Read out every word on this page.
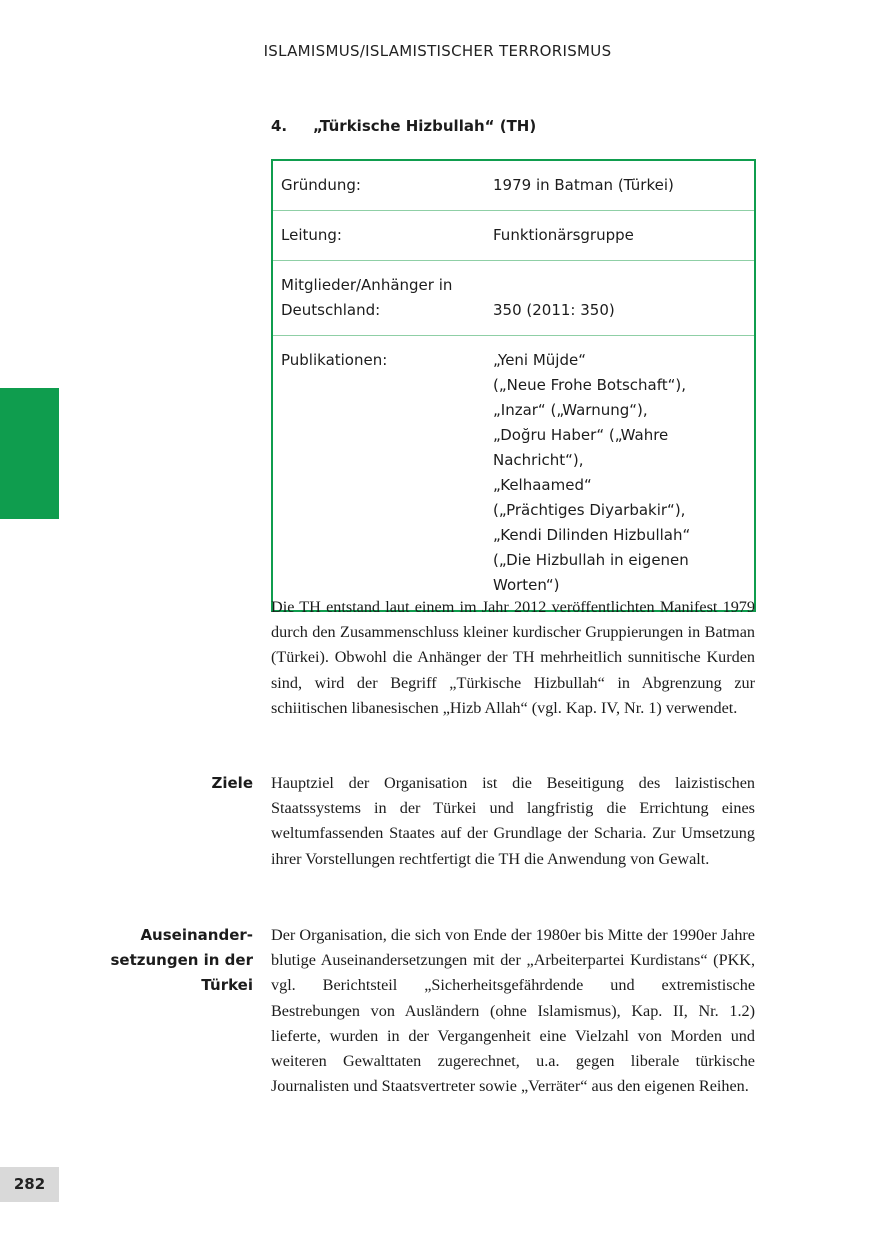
ISLAMISMUS/ISLAMISTISCHER TERRORISMUS
282
4. „Türkische Hizbullah“ (TH)
Gründung:	1979 in Batman (Türkei)
Leitung:	Funktionärsgruppe
Mitglieder/Anhänger in Deutschland:	350 (2011: 350)
Publikationen:	„Yeni Müjde“
(„Neue Frohe Botschaft“),
„Inzar“ („Warnung“),
„Doğru Haber“ („Wahre Nachricht“),
„Kelhaamed“
(„Prächtiges Diyarbakir“),
„Kendi Dilinden Hizbullah“
(„Die Hizbullah in eigenen Worten“)
Die TH entstand laut einem im Jahr 2012 veröffentlichten Manifest 1979 durch den Zusammenschluss kleiner kurdischer Gruppierungen in Batman (Türkei). Obwohl die Anhänger der TH mehrheitlich sunnitische Kurden sind, wird der Begriff „Türkische Hizbullah“ in Abgrenzung zur schiitischen libanesischen „Hizb Allah“ (vgl. Kap. IV, Nr. 1) verwendet.
Ziele Hauptziel der Organisation ist die Beseitigung des laizistischen Staatssystems in der Türkei und langfristig die Errichtung eines weltumfassenden Staates auf der Grundlage der Scharia. Zur Umsetzung ihrer Vorstellungen rechtfertigt die TH die Anwendung von Gewalt.
Auseinander-
setzungen in der
Türkei
Der Organisation, die sich von Ende der 1980er bis Mitte der 1990er Jahre blutige Auseinandersetzungen mit der „Arbeiterpartei Kurdistans“ (PKK, vgl. Berichtsteil „Sicherheitsgefährdende und extremistische Bestrebungen von Ausländern (ohne Islamismus), Kap. II, Nr. 1.2) lieferte, wurden in der Vergangenheit eine Vielzahl von Morden und weiteren Gewalttaten zugerechnet, u.a. gegen liberale türkische Journalisten und Staatsvertreter sowie „Verräter“ aus den eigenen Reihen.
